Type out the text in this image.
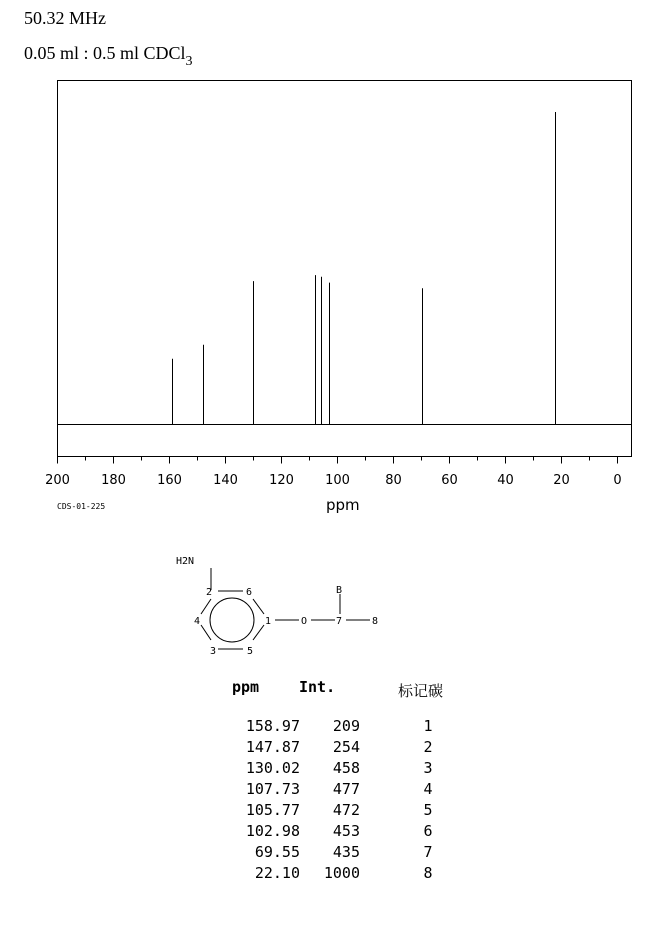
50.32 MHz
0.05 ml : 0.5 ml CDCl$_3$
200 180 160 140 120 100	80	60	40	20	0
H2N
2	6
4	1
3	5
O	7	8
B
CDS-01-225	ppm
ppm	Int.	标记碳
158.97	209	1
147.87	254	2
130.02	458	3
107.73	477	4
105.77	472	5
102.98	453	6
69.55	435	7
22.10	1000	8
